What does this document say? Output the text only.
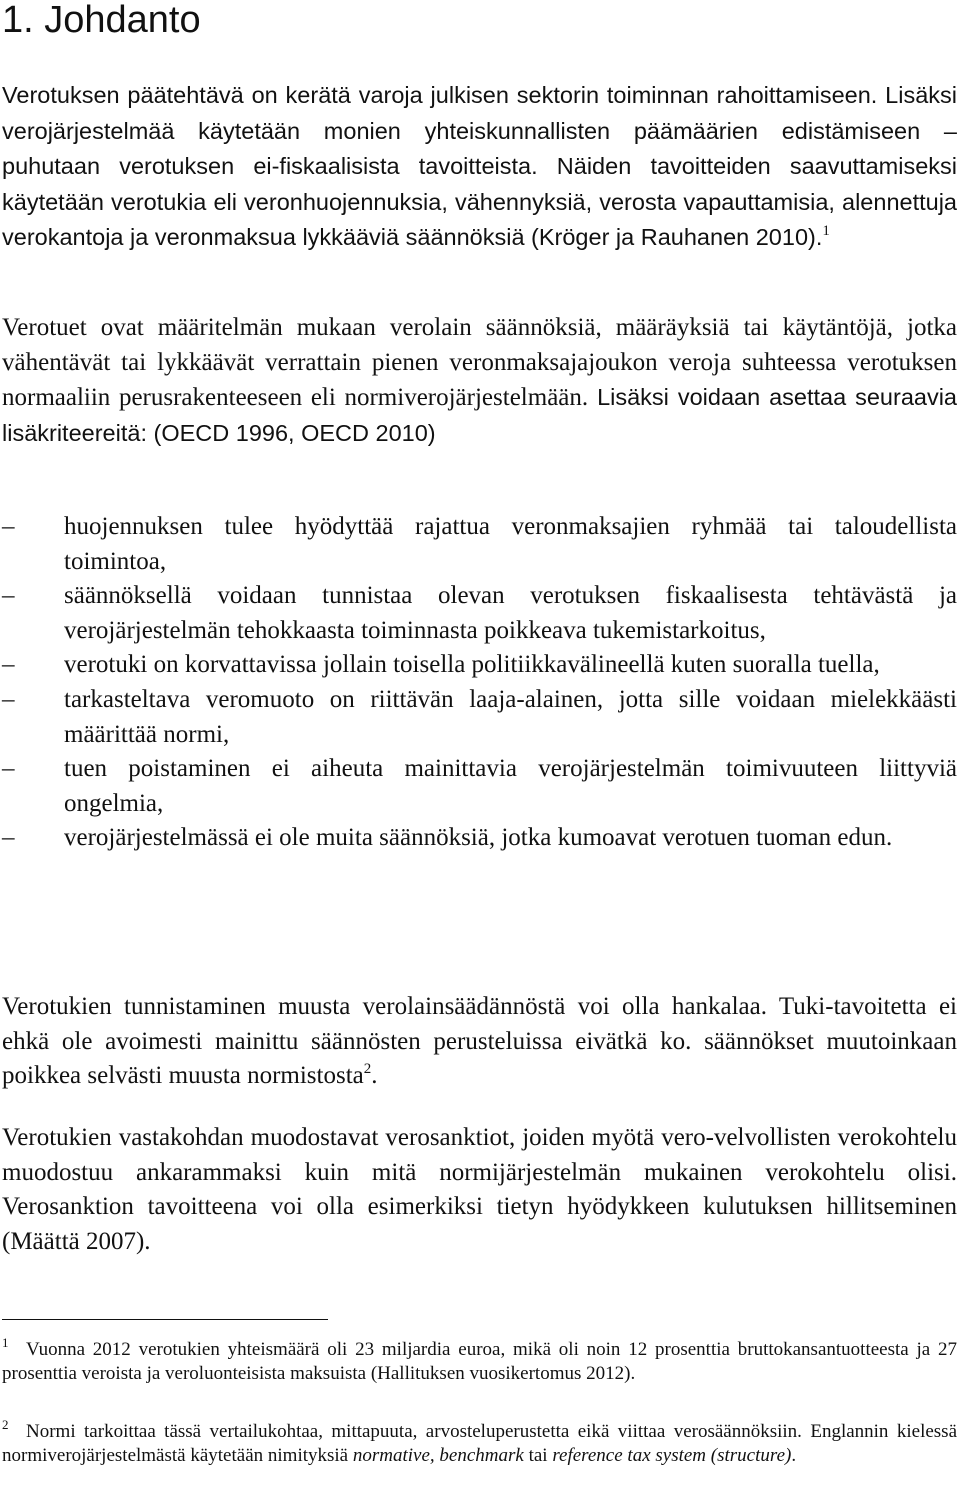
1. Johdanto

Verotuksen päätehtävä on kerätä varoja julkisen sektorin toiminnan rahoittamiseen. Lisäksi verojärjestelmää käytetään monien yhteiskunnallisten päämäärien edistämiseen – puhutaan verotuksen ei-fiskaalisista tavoitteista. Näiden tavoitteiden saavuttamiseksi käytetään verotukia eli veronhuojennuksia, vähennyksiä, verosta vapauttamisia, alennettuja verokantoja ja veronmaksua lykkääviä säännöksiä (Kröger ja Rauhanen 2010).$^1$

Verotuet ovat määritelmän mukaan verolain säännöksiä, määräyksiä tai käytäntöjä, jotka vähentävät tai lykkäävät verrattain pienen veronmaksajajoukon veroja suhteessa verotuksen normaaliin perusrakenteeseen eli normiverojärjestelmään. Lisäksi voidaan asettaa seuraavia lisäkriteereitä: (OECD 1996, OECD 2010)

–	huojennuksen tulee hyödyttää rajattua veronmaksajien ryhmää tai taloudellista toimintoa,
–	säännöksellä voidaan tunnistaa olevan verotuksen fiskaalisesta tehtävästä ja verojärjestelmän tehokkaasta toiminnasta poikkeava tukemistarkoitus,
–	verotuki on korvattavissa jollain toisella politiikkavälineellä kuten suoralla tuella,
–	tarkasteltava veromuoto on riittävän laaja-alainen, jotta sille voidaan mielekkäästi määrittää normi,
–	tuen poistaminen ei aiheuta mainittavia verojärjestelmän toimivuuteen liittyviä ongelmia,
–	verojärjestelmässä ei ole muita säännöksiä, jotka kumoavat verotuen tuoman edun.

Verotukien tunnistaminen muusta verolainsäädännöstä voi olla hankalaa. Tuki-tavoitetta ei ehkä ole avoimesti mainittu säännösten perusteluissa eivätkä ko. säännökset muutoinkaan poikkea selvästi muusta normistosta$^2$.

Verotukien vastakohdan muodostavat verosanktiot, joiden myötä vero-velvollisten verokohtelu muodostuu ankarammaksi kuin mitä normijärjestelmän mukainen verokohtelu olisi. Verosanktion tavoitteena voi olla esimerkiksi tietyn hyödykkeen kulutuksen hillitseminen (Määttä 2007).

$^1$ Vuonna 2012 verotukien yhteismäärä oli 23 miljardia euroa, mikä oli noin 12 prosenttia bruttokansantuotteesta ja 27 prosenttia veroista ja veroluonteisista maksuista (Hallituksen vuosikertomus 2012).

$^2$ Normi tarkoittaa tässä vertailukohtaa, mittapuuta, arvosteluperustetta eikä viittaa verosäännöksiin. Englannin kielessä normiverojärjestelmästä käytetään nimityksiä normative, benchmark tai reference tax system (structure).
